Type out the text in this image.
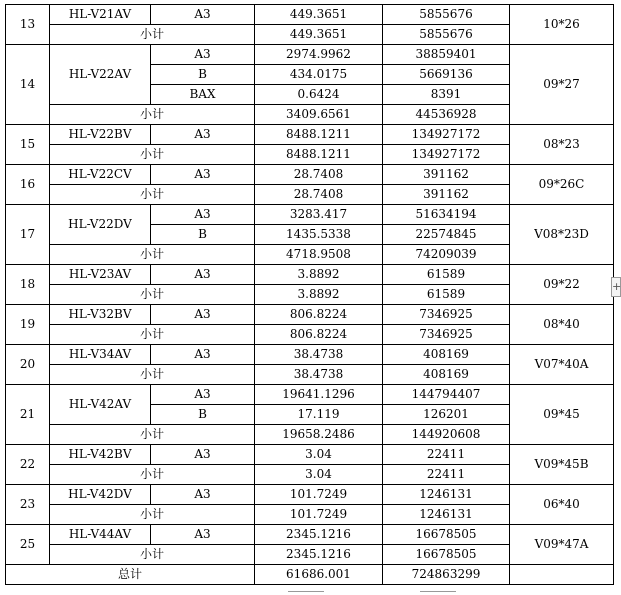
13	HL-V21AV	A3	449.3651	5855676	10*26
	小计		449.3651	5855676	
14	HL-V22AV	A3	2974.9962	38859401	09*27
		B	434.0175	5669136	
		BAX	0.6424	8391	
	小计		3409.6561	44536928	
15	HL-V22BV	A3	8488.1211	134927172	08*23
	小计		8488.1211	134927172	
16	HL-V22CV	A3	28.7408	391162	09*26C
	小计		28.7408	391162	
17	HL-V22DV	A3	3283.417	51634194	V08*23D
		B	1435.5338	22574845	
	小计		4718.9508	74209039	
18	HL-V23AV	A3	3.8892	61589	09*22
	小计		3.8892	61589	
19	HL-V32BV	A3	806.8224	7346925	08*40
	小计		806.8224	7346925	
20	HL-V34AV	A3	38.4738	408169	V07*40A
	小计		38.4738	408169	
21	HL-V42AV	A3	19641.1296	144794407	09*45
		B	17.119	126201	
	小计		19658.2486	144920608	
22	HL-V42BV	A3	3.04	22411	V09*45B
	小计		3.04	22411	
23	HL-V42DV	A3	101.7249	1246131	06*40
	小计		101.7249	1246131	
25	HL-V44AV	A3	2345.1216	16678505	V09*47A
	小计		2345.1216	16678505	
总计			61686.001	724863299	
+
